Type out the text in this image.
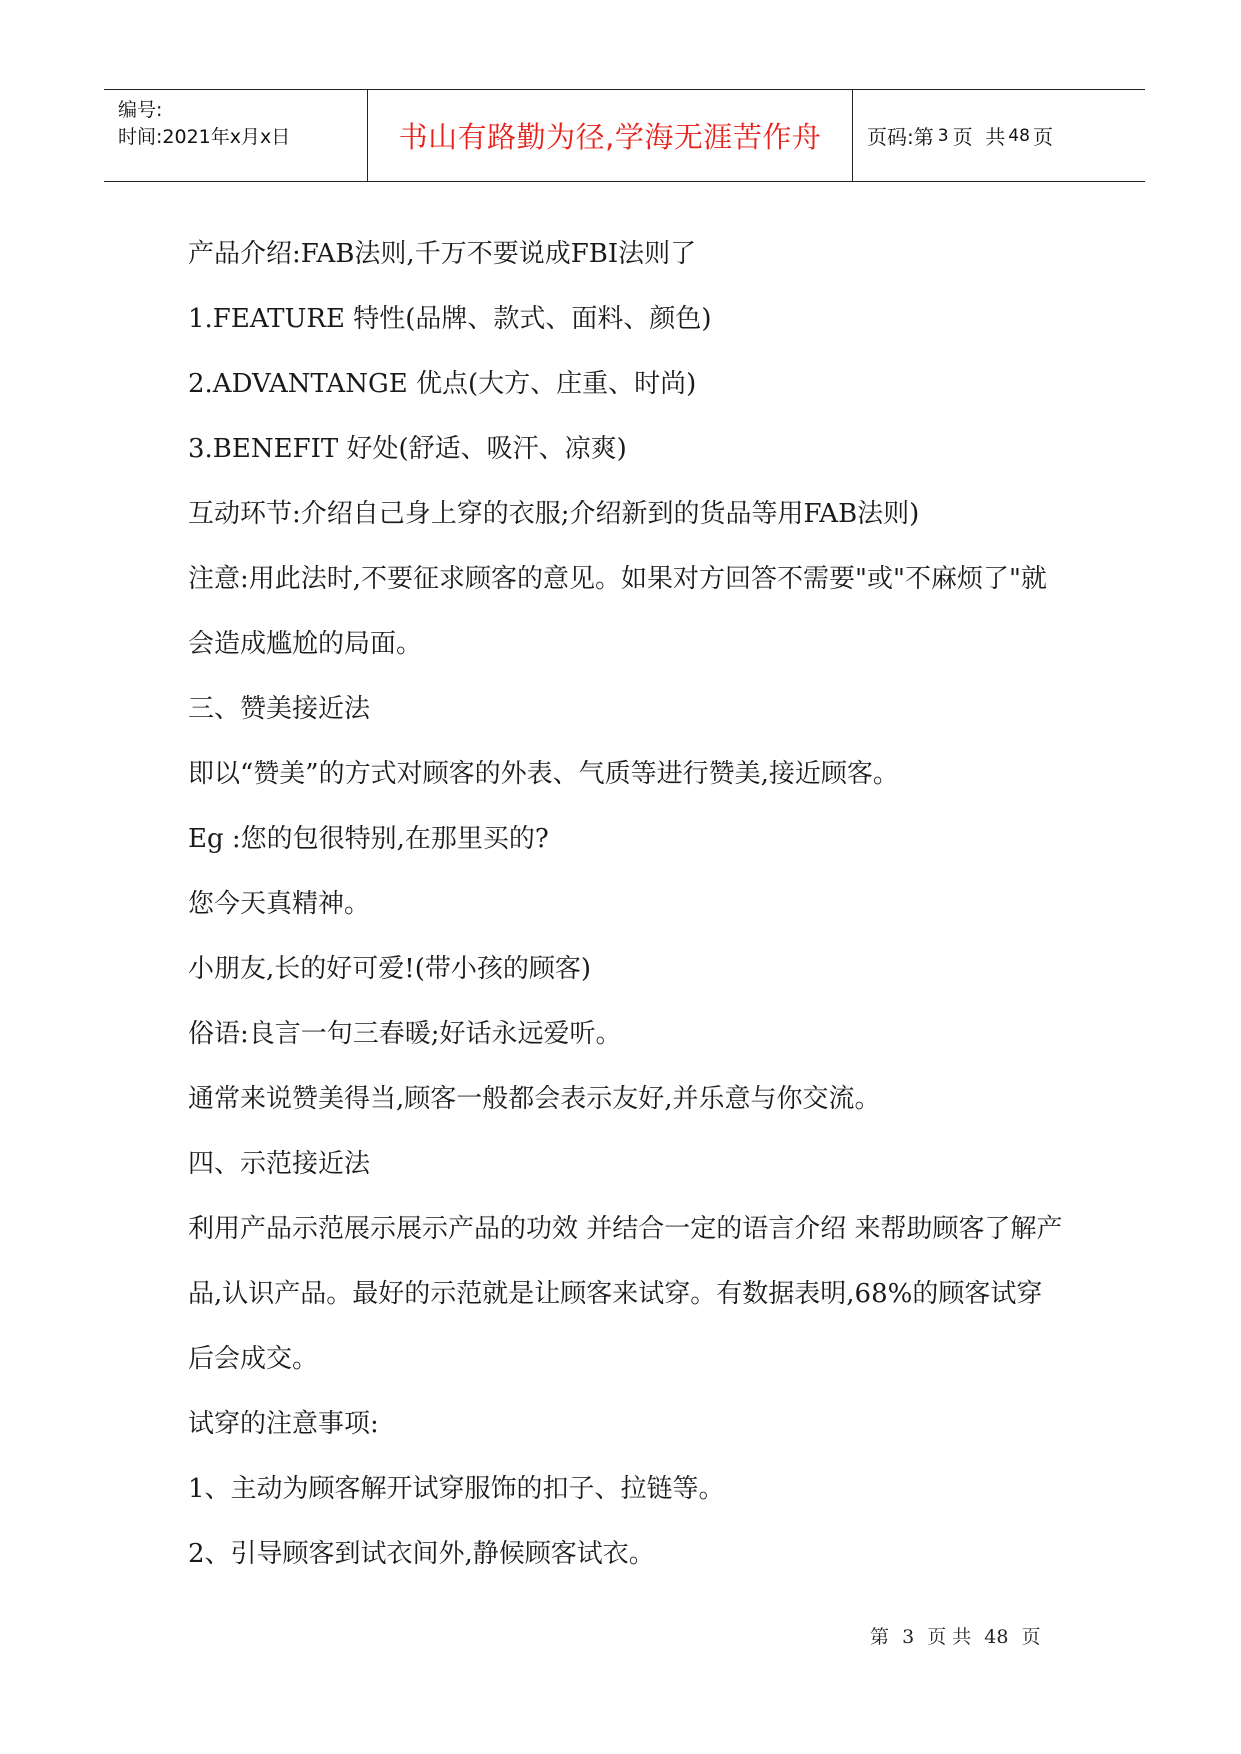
编号:
时间:2021年x月x日	书山有路勤为径,学海无涯苦作舟 页码:第 3 页  共 48 页

产品介绍:FAB法则,千万不要说成FBI法则了

1.FEATURE 特性(品牌、款式、面料、颜色)

2.ADVANTANGE 优点(大方、庄重、时尚)

3.BENEFIT 好处(舒适、吸汗、凉爽)

互动环节:介绍自己身上穿的衣服;介绍新到的货品等用FAB法则)

注意:用此法时,不要征求顾客的意见。如果对方回答不需要"或"不麻烦了"就会造成尴尬的局面。

三、赞美接近法

即以“赞美”的方式对顾客的外表、气质等进行赞美,接近顾客。

Eg :您的包很特别,在那里买的?

您今天真精神。

小朋友,长的好可爱!(带小孩的顾客)

俗语:良言一句三春暖;好话永远爱听。

通常来说赞美得当,顾客一般都会表示友好,并乐意与你交流。

四、示范接近法

利用产品示范展示展示产品的功效 并结合一定的语言介绍 来帮助顾客了解产品,认识产品。最好的示范就是让顾客来试穿。有数据表明,68%的顾客试穿后会成交。

试穿的注意事项:

1、主动为顾客解开试穿服饰的扣子、拉链等。

2、引导顾客到试衣间外,静候顾客试衣。

第 3 页 共 48 页
